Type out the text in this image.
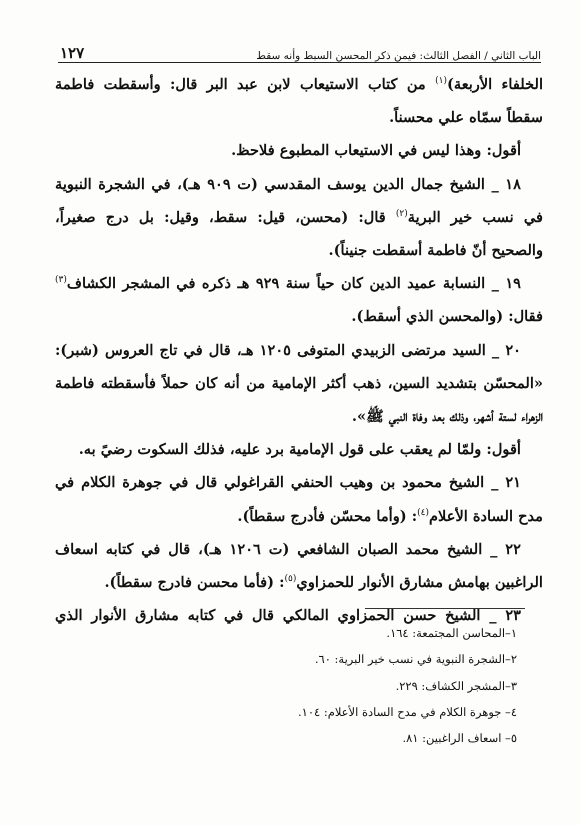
الباب الثاني / الفصل الثالث: فيمن ذكر المحسن السبط وأنه سقط
١٢٧
الخلفاء الأربعة)$^{(١)}$ من كتاب الاستيعاب لابن عبد البر قال: وأسقطت فاطمة
سقطاً سمّاه علي محسناً.
أقول: وهذا ليس في الاستيعاب المطبوع فلاحظ.
١٨ _ الشيخ جمال الدين يوسف المقدسي (ت ٩٠٩ هـ)، في الشجرة النبوية
في نسب خير البرية$^{(٢)}$ قال: (محسن، قيل: سقط، وقيل: بل درج صغيراً،
والصحيح أنّ فاطمة أسقطت جنيناً).
١٩ _ النسابة عميد الدين كان حياً سنة ٩٢٩ هـ ذكره في المشجر الكشاف$^{(٣)}$
فقال: (والمحسن الذي أسقط).
٢٠ _ السيد مرتضى الزبيدي المتوفى ١٢٠٥ هـ، قال في تاج العروس (شبر):
«المحسّن بتشديد السين، ذهب أكثر الإمامية من أنه كان حملاً فأسقطته فاطمة
الزهراء لستة أشهر، وذلك بعد وفاة النبي ﷺ».
أقول: ولمّا لم يعقب على قول الإمامية برد عليه، فذلك السكوت رضيً به.
٢١ _ الشيخ محمود بن وهيب الحنفي القراغولي قال في جوهرة الكلام في
مدح السادة الأعلام$^{(٤)}$: (وأما محسّن فأدرج سقطاً).
٢٢ _ الشيخ محمد الصبان الشافعي (ت ١٢٠٦ هـ)، قال في كتابه اسعاف
الراغبين بهامش مشارق الأنوار للحمزاوي$^{(٥)}$: (فأما محسن فادرج سقطاً).
٢٣ _ الشيخ حسن الحمزاوي المالكي قال في كتابه مشارق الأنوار الذي
١–المحاسن المجتمعة: ١٦٤.
٢–الشجرة النبوية في نسب خير البرية: ٦٠.
٣–المشجر الكشاف: ٢٢٩.
٤– جوهرة الكلام في مدح السادة الأعلام: ١٠٤.
٥– اسعاف الراغبين: ٨١.
